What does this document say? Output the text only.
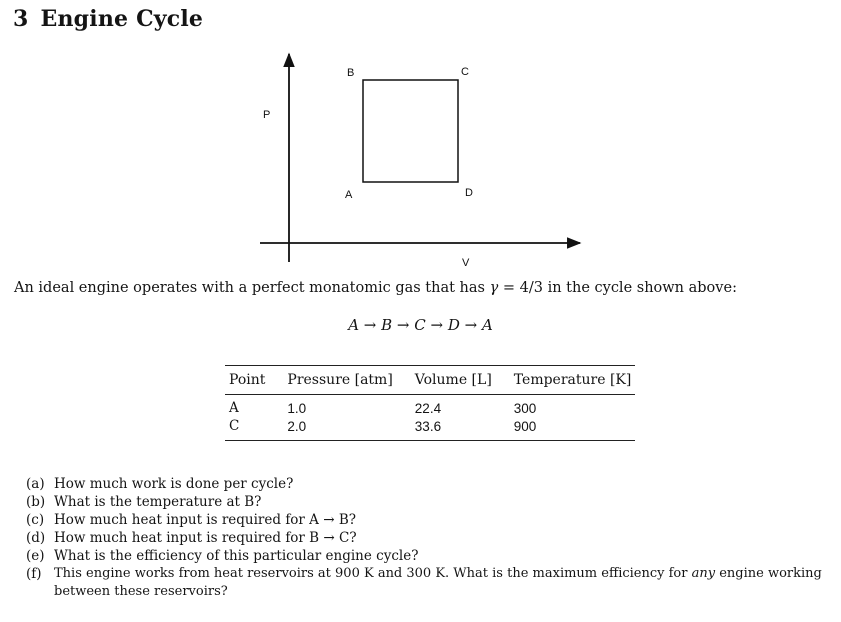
3 Engine Cycle
P
V
B	C
A	D

An ideal engine operates with a perfect monatomic gas that has γ = 4/3 in the cycle shown above:

A → B → C → D → A
Point	Pressure [atm]	Volume [L]	Temperature [K]
A	1.0	22.4	300
C	2.0	33.6	900
(a) How much work is done per cycle?
(b) What is the temperature at B?
(c) How much heat input is required for A → B?
(d) How much heat input is required for B → C?
(e) What is the efficiency of this particular engine cycle?
(f) This engine works from heat reservoirs at 900 K and 300 K. What is the maximum efficiency for any engine working between these reservoirs?
